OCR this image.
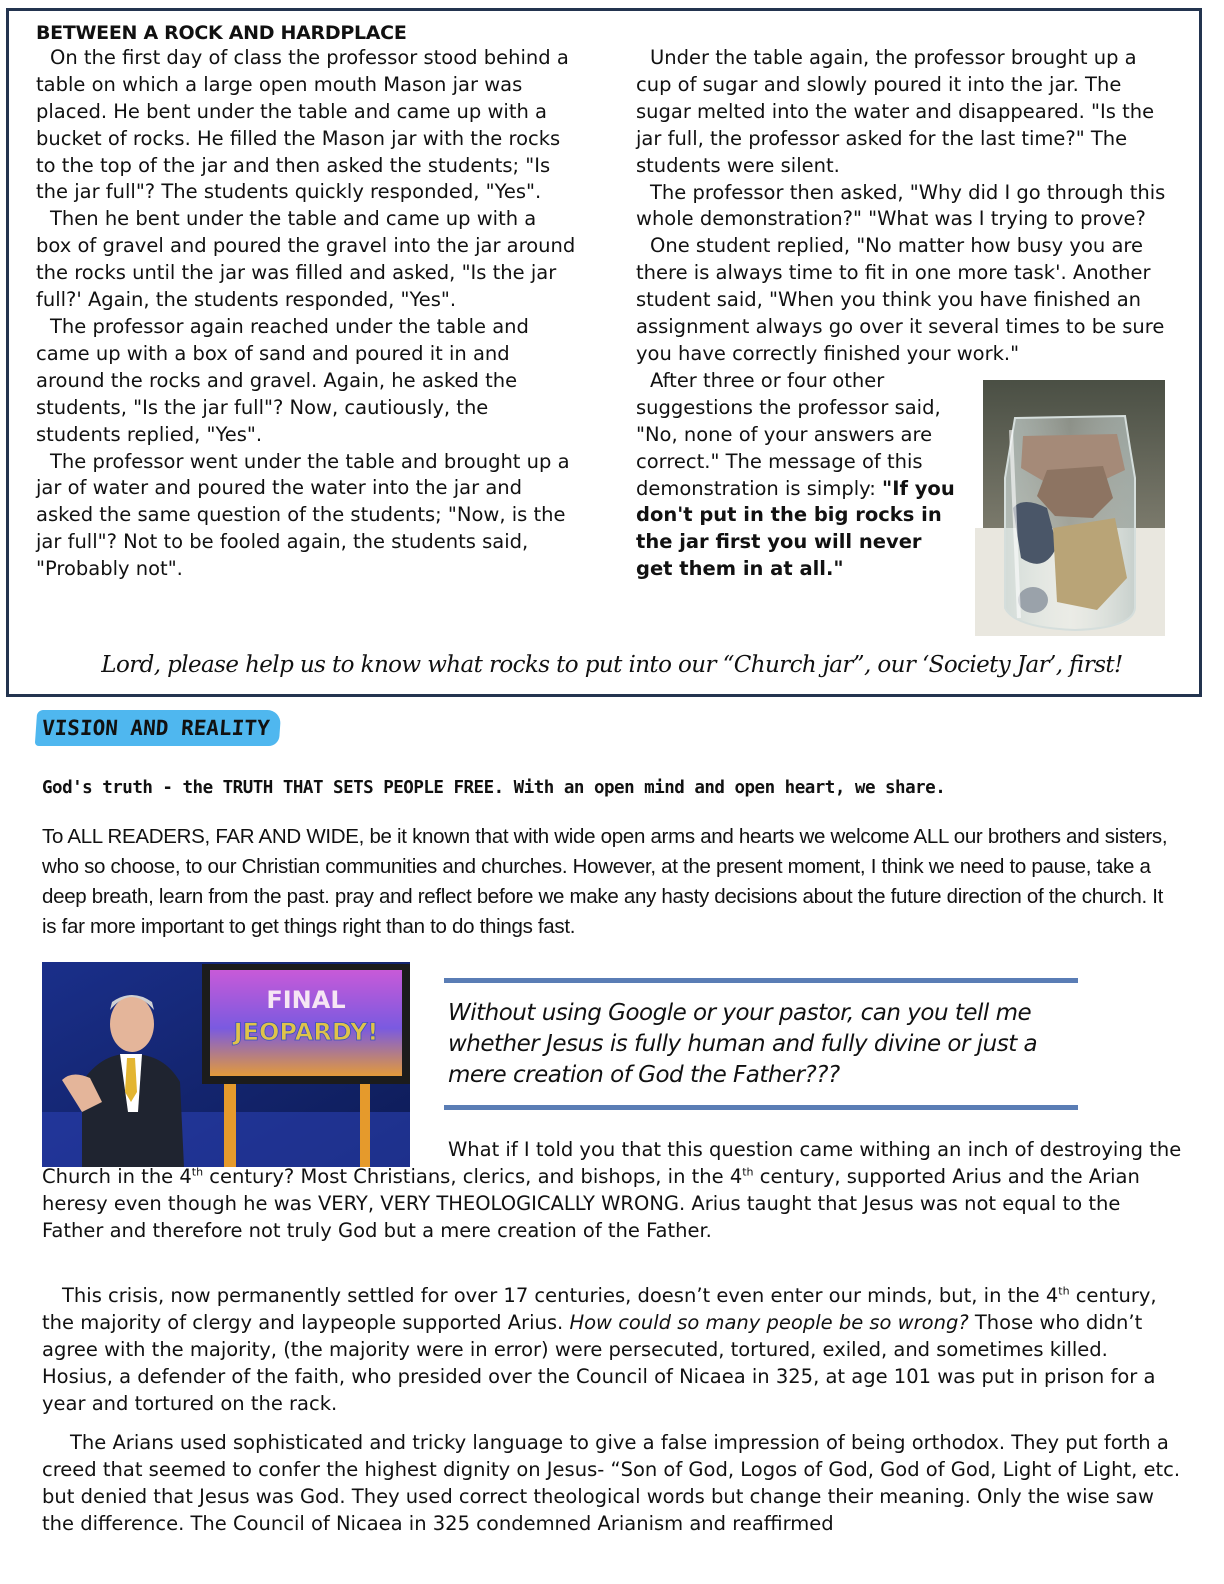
BETWEEN A ROCK AND HARDPLACE

On the first day of class the professor stood behind a table on which a large open mouth Mason jar was placed. He bent under the table and came up with a bucket of rocks. He filled the Mason jar with the rocks to the top of the jar and then asked the students; "Is the jar full"? The students quickly responded, "Yes".

Then he bent under the table and came up with a box of gravel and poured the gravel into the jar around the rocks until the jar was filled and asked, "Is the jar full?' Again, the students responded, "Yes".

The professor again reached under the table and came up with a box of sand and poured it in and around the rocks and gravel. Again, he asked the students, "Is the jar full"? Now, cautiously, the students replied, "Yes".

The professor went under the table and brought up a jar of water and poured the water into the jar and asked the same question of the students; "Now, is the jar full"? Not to be fooled again, the students said, "Probably not".

Under the table again, the professor brought up a cup of sugar and slowly poured it into the jar. The sugar melted into the water and disappeared. "Is the jar full, the professor asked for the last time?" The students were silent.

The professor then asked, "Why did I go through this whole demonstration?" "What was I trying to prove?

One student replied, "No matter how busy you are there is always time to fit in one more task'. Another student said, "When you think you have finished an assignment always go over it several times to be sure you have correctly finished your work."

After three or four other suggestions the professor said, "No, none of your answers are correct." The message of this demonstration is simply: "If you don't put in the big rocks in the jar first you will never get them in at all."

Lord, please help us to know what rocks to put into our “Church jar”, our ‘Society Jar’, first!
VISION AND REALITY
God's truth - the TRUTH THAT SETS PEOPLE FREE. With an open mind and open heart, we share.

To ALL READERS, FAR AND WIDE, be it known that with wide open arms and hearts we welcome ALL our brothers and sisters, who so choose, to our Christian communities and churches. However, at the present moment, I think we need to pause, take a deep breath, learn from the past. pray and reflect before we make any hasty decisions about the future direction of the church. It is far more important to get things right than to do things fast.

FINAL
JEOPARDY!

Without using Google or your pastor, can you tell me whether Jesus is fully human and fully divine or just a mere creation of God the Father???

What if I told you that this question came withing an inch of destroying the Church in the 4th century? Most Christians, clerics, and bishops, in the 4th century, supported Arius and the Arian heresy even though he was VERY, VERY THEOLOGICALLY WRONG. Arius taught that Jesus was not equal to the Father and therefore not truly God but a mere creation of the Father.

This crisis, now permanently settled for over 17 centuries, doesn’t even enter our minds, but, in the 4th century, the majority of clergy and laypeople supported Arius. How could so many people be so wrong? Those who didn’t agree with the majority, (the majority were in error) were persecuted, tortured, exiled, and sometimes killed. Hosius, a defender of the faith, who presided over the Council of Nicaea in 325, at age 101 was put in prison for a year and tortured on the rack.

The Arians used sophisticated and tricky language to give a false impression of being orthodox. They put forth a creed that seemed to confer the highest dignity on Jesus- “Son of God, Logos of God, God of God, Light of Light, etc. but denied that Jesus was God. They used correct theological words but change their meaning. Only the wise saw the difference. The Council of Nicaea in 325 condemned Arianism and reaffirmed
